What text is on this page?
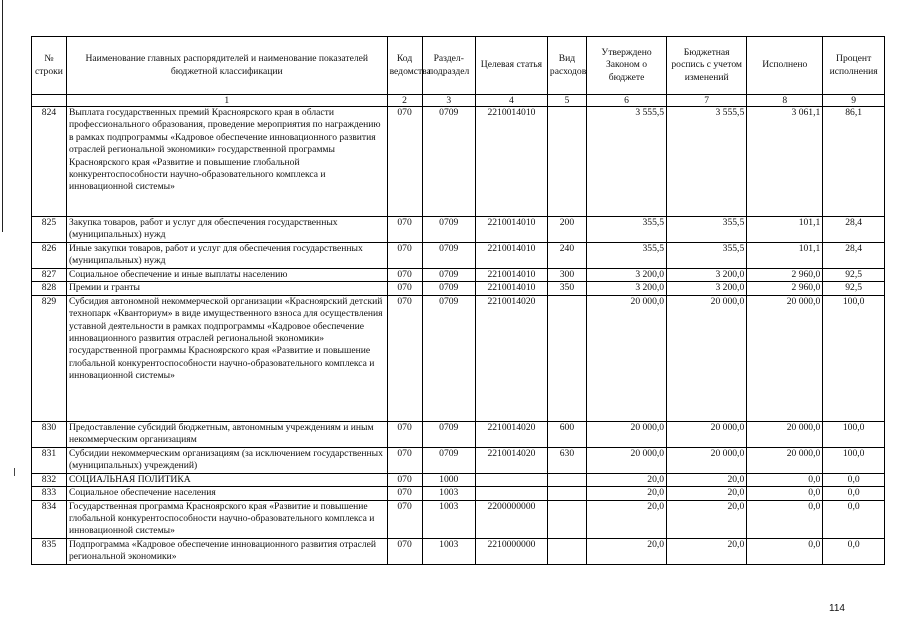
№ строки	Наименование главных распорядителей и наименование показателей бюджетной классификации	Код ведомства	Раздел-подраздел	Целевая статья	Вид расходов	Утверждено Законом о бюджете	Бюджетная роспись с учетом изменений	Исполнено	Процент исполнения
	1	2	3	4	5	6	7	8	9
824	Выплата государственных премий Красноярского края в области профессионального образования, проведение мероприятия по награждению в рамках подпрограммы «Кадровое обеспечение инновационного развития отраслей региональной экономики» государственной программы Красноярского края «Развитие и повышение глобальной конкурентоспособности научно-образовательного комплекса и инновационной системы»	070	0709	2210014010		3 555,5	3 555,5	3 061,1	86,1
825	Закупка товаров, работ и услуг для обеспечения государственных (муниципальных) нужд	070	0709	2210014010	200	355,5	355,5	101,1	28,4
826	Иные закупки товаров, работ и услуг для обеспечения государственных (муниципальных) нужд	070	0709	2210014010	240	355,5	355,5	101,1	28,4
827	Социальное обеспечение и иные выплаты населению	070	0709	2210014010	300	3 200,0	3 200,0	2 960,0	92,5
828	Премии и гранты	070	0709	2210014010	350	3 200,0	3 200,0	2 960,0	92,5
829	Субсидия автономной некоммерческой организации «Красноярский детский технопарк «Кванториум» в виде имущественного взноса для осуществления уставной деятельности в рамках подпрограммы «Кадровое обеспечение инновационного развития отраслей региональной экономики» государственной программы Красноярского края «Развитие и повышение глобальной конкурентоспособности научно-образовательного комплекса и инновационной системы»	070	0709	2210014020		20 000,0	20 000,0	20 000,0	100,0
830	Предоставление субсидий бюджетным, автономным учреждениям и иным некоммерческим организациям	070	0709	2210014020	600	20 000,0	20 000,0	20 000,0	100,0
831	Субсидии некоммерческим организациям (за исключением государственных (муниципальных) учреждений)	070	0709	2210014020	630	20 000,0	20 000,0	20 000,0	100,0
832	СОЦИАЛЬНАЯ ПОЛИТИКА	070	1000			20,0	20,0	0,0	0,0
833	Социальное обеспечение населения	070	1003			20,0	20,0	0,0	0,0
834	Государственная программа Красноярского края «Развитие и повышение глобальной конкурентоспособности научно-образовательного комплекса и инновационной системы»	070	1003	2200000000		20,0	20,0	0,0	0,0
835	Подпрограмма «Кадровое обеспечение инновационного развития отраслей региональной экономики»	070	1003	2210000000		20,0	20,0	0,0	0,0
114
